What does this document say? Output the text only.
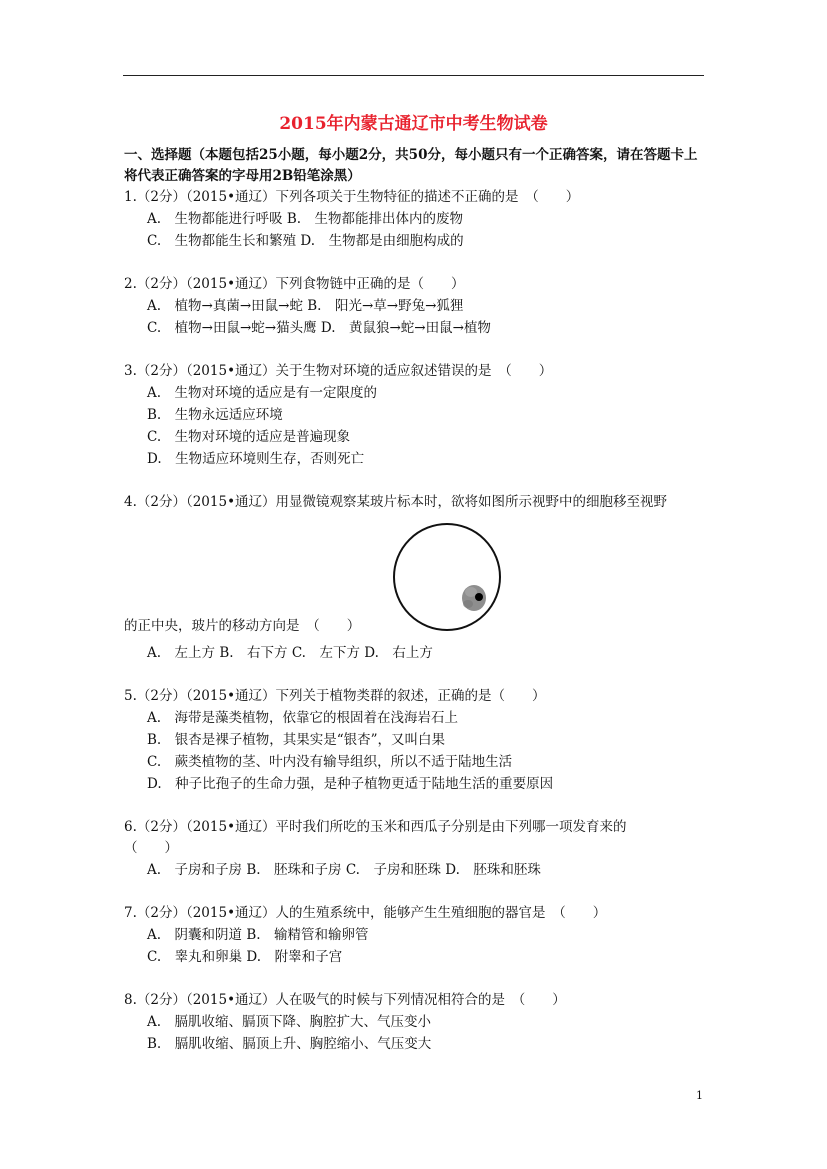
2015年内蒙古通辽市中考生物试卷
一、选择题（本题包括25小题，每小题2分，共50分，每小题只有一个正确答案，请在答题卡上将代表正确答案的字母用2B铅笔涂黑）
1.（2分）（2015•通辽）下列各项关于生物特征的描述不正确的是　（　　）
A.　生物都能进行呼吸 B.　生物都能排出体内的废物
C.　生物都能生长和繁殖 D.　生物都是由细胞构成的
2.（2分）（2015•通辽）下列食物链中正确的是（　　）
A.　植物→真菌→田鼠→蛇 B.　阳光→草→野兔→狐狸
C.　植物→田鼠→蛇→猫头鹰 D.　黄鼠狼→蛇→田鼠→植物
3.（2分）（2015•通辽）关于生物对环境的适应叙述错误的是　（　　）
A.　生物对环境的适应是有一定限度的
B.　生物永远适应环境
C.　生物对环境的适应是普遍现象
D.　生物适应环境则生存，否则死亡
4.（2分）（2015•通辽）用显微镜观察某玻片标本时，欲将如图所示视野中的细胞移至视野
的正中央，玻片的移动方向是　（　　）
A.　左上方 B.　右下方 C.　左下方 D.　右上方
5.（2分）（2015•通辽）下列关于植物类群的叙述，正确的是（　　）
A.　海带是藻类植物，依靠它的根固着在浅海岩石上
B.　银杏是裸子植物，其果实是“银杏”，又叫白果
C.　蕨类植物的茎、叶内没有输导组织，所以不适于陆地生活
D.　种子比孢子的生命力强，是种子植物更适于陆地生活的重要原因
6.（2分）（2015•通辽）平时我们所吃的玉米和西瓜子分别是由下列哪一项发育来的
（　　）
A.　子房和子房 B.　胚珠和子房 C.　子房和胚珠 D.　胚珠和胚珠
7.（2分）（2015•通辽）人的生殖系统中，能够产生生殖细胞的器官是　（　　）
A.　阴囊和阴道 B.　输精管和输卵管
C.　睾丸和卵巢 D.　附睾和子宫
8.（2分）（2015•通辽）人在吸气的时候与下列情况相符合的是　（　　）
A.　膈肌收缩、膈顶下降、胸腔扩大、气压变小
B.　膈肌收缩、膈顶上升、胸腔缩小、气压变大
1
